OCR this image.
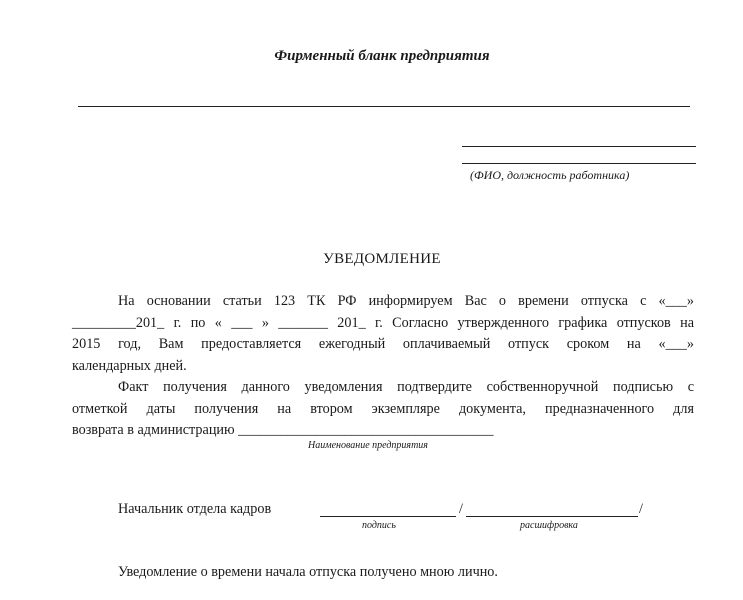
Фирменный бланк предприятия
(ФИО, должность работника)
УВЕДОМЛЕНИЕ
На основании статьи 123 ТК РФ информируем Вас о времени отпуска с «___»
_________201_ г. по « ___ » _______ 201_ г. Согласно утвержденного графика отпусков на
2015 год, Вам предоставляется ежегодный оплачиваемый отпуск сроком на «___»
календарных дней.
Факт получения данного уведомления подтвердите собственноручной подписью с
отметкой даты получения на втором экземпляре документа, предназначенного для
возврата в администрацию ____________________________________
Наименование предприятия
Начальник отдела кадров	/	/
подпись	расшифровка
Уведомление о времени начала отпуска получено мною лично.
